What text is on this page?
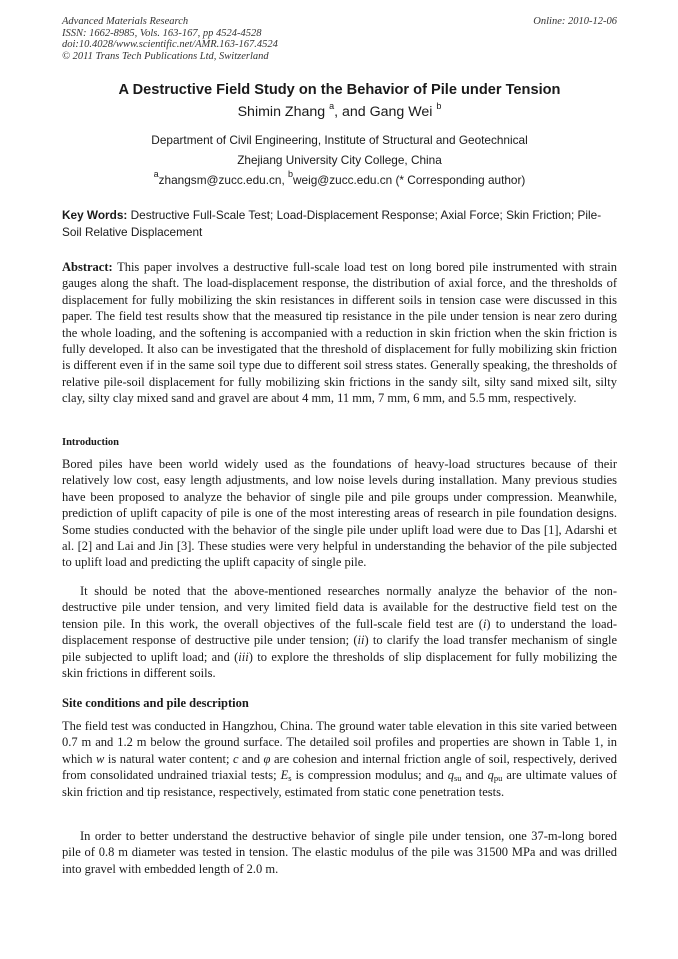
Advanced Materials Research
ISSN: 1662-8985, Vols. 163-167, pp 4524-4528
doi:10.4028/www.scientific.net/AMR.163-167.4524
© 2011 Trans Tech Publications Ltd, Switzerland
Online: 2010-12-06
A Destructive Field Study on the Behavior of Pile under Tension
Shimin Zhang $^a$, and Gang Wei $^b$
Department of Civil Engineering, Institute of Structural and Geotechnical
Zhejiang University City College, China
$^a$zhangsm@zucc.edu.cn, $^b$weig@zucc.edu.cn (* Corresponding author)
Key Words: Destructive Full-Scale Test; Load-Displacement Response; Axial Force; Skin Friction; Pile-Soil Relative Displacement
Abstract: This paper involves a destructive full-scale load test on long bored pile instrumented with strain gauges along the shaft. The load-displacement response, the distribution of axial force, and the thresholds of displacement for fully mobilizing the skin resistances in different soils in tension case were discussed in this paper. The field test results show that the measured tip resistance in the pile under tension is near zero during the whole loading, and the softening is accompanied with a reduction in skin friction when the skin friction is fully developed. It also can be investigated that the threshold of displacement for fully mobilizing skin friction is different even if in the same soil type due to different soil stress states. Generally speaking, the thresholds of relative pile-soil displacement for fully mobilizing skin frictions in the sandy silt, silty sand mixed silt, silty clay, silty clay mixed sand and gravel are about 4 mm, 11 mm, 7 mm, 6 mm, and 5.5 mm, respectively.
Introduction
Bored piles have been world widely used as the foundations of heavy-load structures because of their relatively low cost, easy length adjustments, and low noise levels during installation. Many previous studies have been proposed to analyze the behavior of single pile and pile groups under compression. Meanwhile, prediction of uplift capacity of pile is one of the most interesting areas of research in pile foundation designs. Some studies conducted with the behavior of the single pile under uplift load were due to Das [1], Adarshi et al. [2] and Lai and Jin [3]. These studies were very helpful in understanding the behavior of the pile subjected to uplift load and predicting the uplift capacity of single pile.
It should be noted that the above-mentioned researches normally analyze the behavior of the non-destructive pile under tension, and very limited field data is available for the destructive field test on the tension pile. In this work, the overall objectives of the full-scale field test are (i) to understand the load-displacement response of destructive pile under tension; (ii) to clarify the load transfer mechanism of single pile subjected to uplift load; and (iii) to explore the thresholds of slip displacement for fully mobilizing the skin frictions in different soils.
Site conditions and pile description
The field test was conducted in Hangzhou, China. The ground water table elevation in this site varied between 0.7 m and 1.2 m below the ground surface. The detailed soil profiles and properties are shown in Table 1, in which w is natural water content; c and φ are cohesion and internal friction angle of soil, respectively, derived from consolidated undrained triaxial tests; $E_s$ is compression modulus; and $q_{su}$ and $q_{pu}$ are ultimate values of skin friction and tip resistance, respectively, estimated from static cone penetration tests.
In order to better understand the destructive behavior of single pile under tension, one 37-m-long bored pile of 0.8 m diameter was tested in tension. The elastic modulus of the pile was 31500 MPa and was drilled into gravel with embedded length of 2.0 m.
